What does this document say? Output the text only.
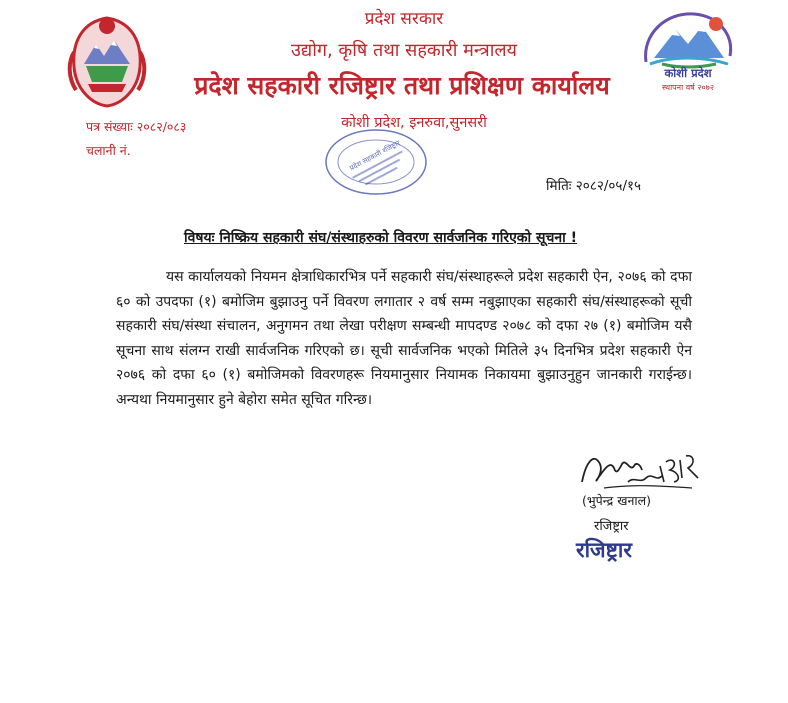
कोशी प्रदेश
स्थापना वर्ष २०७२
प्रदेश सरकार
उद्योग, कृषि तथा सहकारी मन्त्रालय
प्रदेश सहकारी रजिष्ट्रार तथा प्रशिक्षण कार्यालय
कोशी प्रदेश, इनरुवा,सुनसरी
पत्र संख्याः २०८२/०८३
चलानी नं.	प्रदेश सहकारी रजिष्ट्रार
मितिः २०८२/०५/१५
विषयः निष्क्रिय सहकारी संघ/संस्थाहरुको विवरण सार्वजनिक गरिएको सूचना !
यस कार्यालयको नियमन क्षेत्राधिकारभित्र पर्ने सहकारी संघ/संस्थाहरूले प्रदेश सहकारी ऐन, २०७६ को दफा ६० को उपदफा (१) बमोजिम बुझाउनु पर्ने विवरण लगातार २ वर्ष सम्म नबुझाएका सहकारी संघ/संस्थाहरूको सूची सहकारी संघ/संस्था संचालन, अनुगमन तथा लेखा परीक्षण सम्बन्धी मापदण्ड २०७८ को दफा २७ (१) बमोजिम यसै सूचना साथ संलग्न राखी सार्वजनिक गरिएको छ। सूची सार्वजनिक भएको मितिले ३५ दिनभित्र प्रदेश सहकारी ऐन २०७६ को दफा ६० (१) बमोजिमको विवरणहरू नियमानुसार नियामक निकायमा बुझाउनुहुन जानकारी गराईन्छ। अन्यथा नियमानुसार हुने बेहोरा समेत सूचित गरिन्छ।
(भुपेन्द्र खनाल)
रजिष्ट्रार
रजिष्ट्रार
